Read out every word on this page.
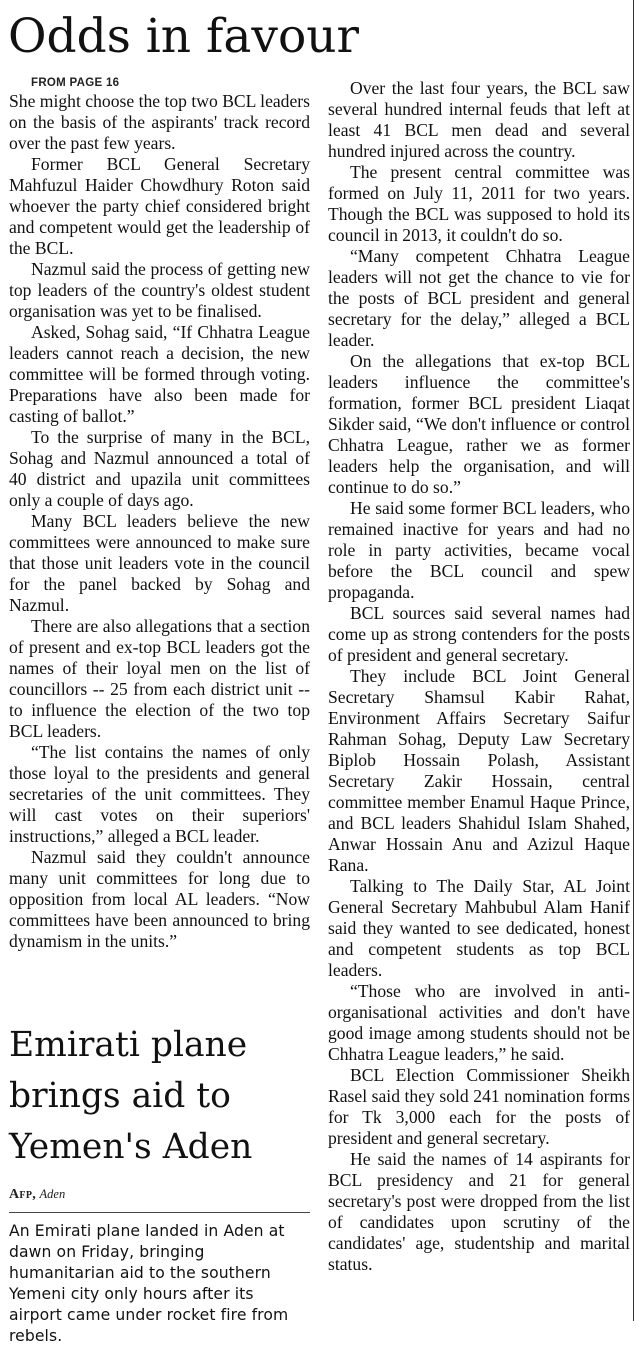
Odds in favour

FROM PAGE 16

She might choose the top two BCL leaders on the basis of the aspirants' track record over the past few years.

Former BCL General Secretary Mahfuzul Haider Chowdhury Roton said whoever the party chief considered bright and competent would get the leadership of the BCL.

Nazmul said the process of getting new top leaders of the country's oldest student organisation was yet to be finalised.

Asked, Sohag said, “If Chhatra League leaders cannot reach a decision, the new committee will be formed through voting. Preparations have also been made for casting of ballot.”

To the surprise of many in the BCL, Sohag and Nazmul announced a total of 40 district and upazila unit committees only a couple of days ago.

Many BCL leaders believe the new committees were announced to make sure that those unit leaders vote in the council for the panel backed by Sohag and Nazmul.

There are also allegations that a section of present and ex-top BCL leaders got the names of their loyal men on the list of councillors -- 25 from each district unit -- to influence the election of the two top BCL leaders.

“The list contains the names of only those loyal to the presidents and general secretaries of the unit committees. They will cast votes on their superiors' instructions,” alleged a BCL leader.

Nazmul said they couldn't announce many unit committees for long due to opposition from local AL leaders. “Now committees have been announced to bring dynamism in the units.”

Over the last four years, the BCL saw several hundred internal feuds that left at least 41 BCL men dead and several hundred injured across the country.

The present central committee was formed on July 11, 2011 for two years. Though the BCL was supposed to hold its council in 2013, it couldn't do so.

“Many competent Chhatra League leaders will not get the chance to vie for the posts of BCL president and general secretary for the delay,” alleged a BCL leader.

On the allegations that ex-top BCL leaders influence the committee's formation, former BCL president Liaqat Sikder said, “We don't influence or control Chhatra League, rather we as former leaders help the organisation, and will continue to do so.”

He said some former BCL leaders, who remained inactive for years and had no role in party activities, became vocal before the BCL council and spew propaganda.

BCL sources said several names had come up as strong contenders for the posts of president and general secretary.

They include BCL Joint General Secretary Shamsul Kabir Rahat, Environment Affairs Secretary Saifur Rahman Sohag, Deputy Law Secretary Biplob Hossain Polash, Assistant Secretary Zakir Hossain, central committee member Enamul Haque Prince, and BCL leaders Shahidul Islam Shahed, Anwar Hossain Anu and Azizul Haque Rana.

Talking to The Daily Star, AL Joint General Secretary Mahbubul Alam Hanif said they wanted to see dedicated, honest and competent students as top BCL leaders.

“Those who are involved in anti-organisational activities and don't have good image among students should not be Chhatra League leaders,” he said.

BCL Election Commissioner Sheikh Rasel said they sold 241 nomination forms for Tk 3,000 each for the posts of president and general secretary.

He said the names of 14 aspirants for BCL presidency and 21 for general secretary's post were dropped from the list of candidates upon scrutiny of the candidates' age, studentship and marital status.

Emirati plane brings aid to Yemen's Aden
Afp, Aden
An Emirati plane landed in Aden at dawn on Friday, bringing humanitarian aid to the southern Yemeni city only hours after its airport came under rocket fire from rebels.
